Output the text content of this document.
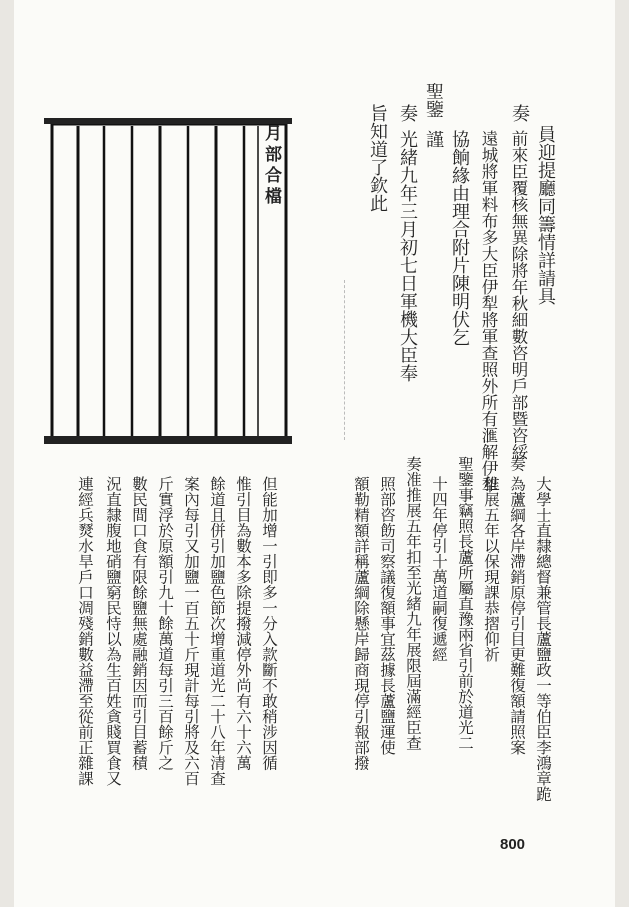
月部合檔	員迎提廳同籌情詳請具
奏
前來臣覆核無異除將年秋細數咨明戶部暨咨綏
遠城將軍料布多大臣伊犁將軍查照外所有滙解伊犁
協餉緣由理合附片陳明伏乞
聖鑒
謹
奏
光緒九年三月初七日軍機大臣奉
旨知道了欽此
大學士直隸總督兼管長蘆鹽政一等伯臣李鴻章跪
奏
為蘆綱各岸滯銷原停引目更難復額請照案
推展五年以保現課恭摺仰祈
聖鑒事竊照長蘆所屬直豫兩省引前於道光二
十四年停引十萬道嗣復遞經
奏准推展五年扣至光緒九年展限屆滿經臣查
照部咨飭司察議復額事宜茲據長蘆鹽運使
額勒精額詳稱蘆綱除懸岸歸商現停引報部撥
但能加增一引即多一分入款斷不敢稍涉因循
惟引目為數本多除提撥減停外尚有六十六萬
餘道且併引加鹽色節次增重道光二十八年清查
案內每引又加鹽一百五十斤現計每引將及六百
斤實浮於原額引九十餘萬道每引三百餘斤之
數民間口食有限餘鹽無處融銷因而引目蓄積
況直隸腹地硝鹽窮民恃以為生百姓貪賤買食又
連經兵燹水旱戶口凋殘銷數益滯至從前正雜課
800
